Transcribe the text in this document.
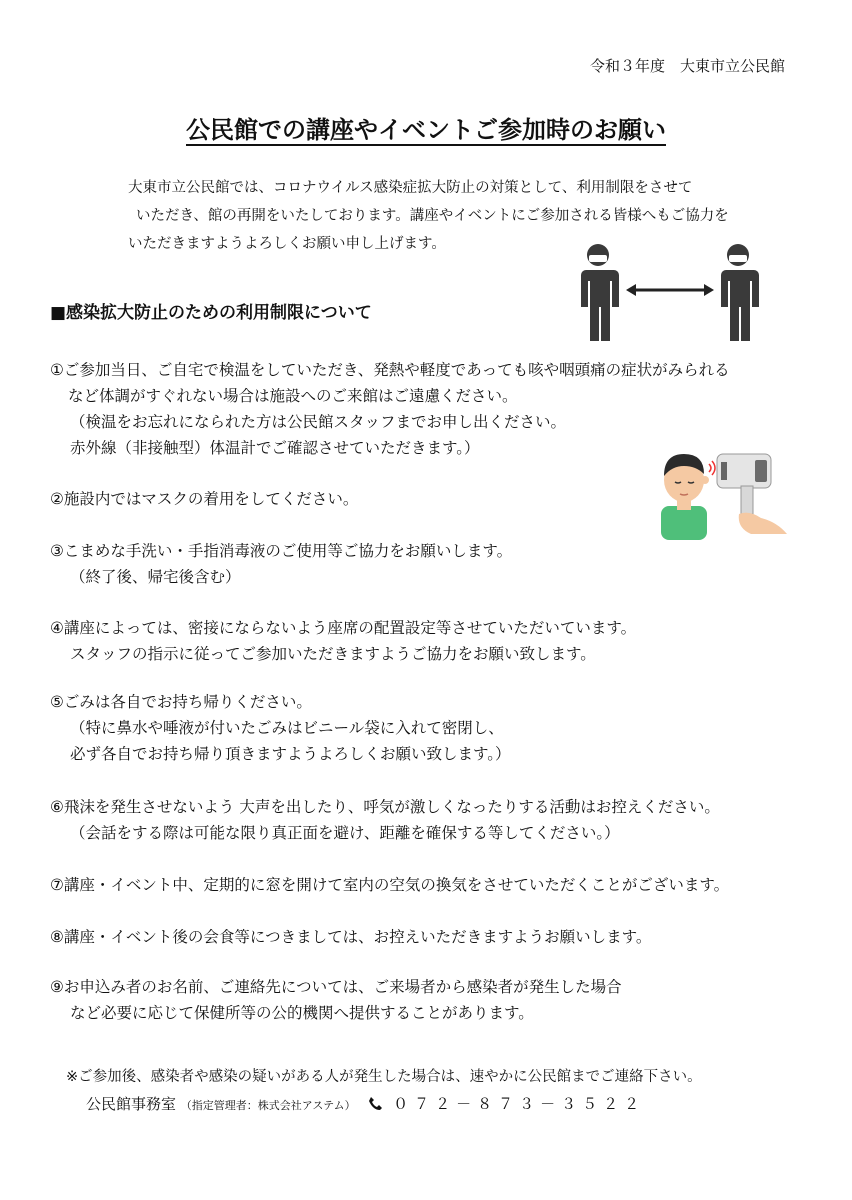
令和３年度　大東市立公民館
公民館での講座やイベントご参加時のお願い
大東市立公民館では、コロナウイルス感染症拡大防止の対策として、利用制限をさせて
いただき、館の再開をいたしております。講座やイベントにご参加される皆様へもご協力を
いただきますようよろしくお願い申し上げます。
■感染拡大防止のための利用制限について
①ご参加当日、ご自宅で検温をしていただき、発熱や軽度であっても咳や咽頭痛の症状がみられる
など体調がすぐれない場合は施設へのご来館はご遠慮ください。
（検温をお忘れになられた方は公民館スタッフまでお申し出ください。
赤外線（非接触型）体温計でご確認させていただきます。）
②施設内ではマスクの着用をしてください。
③こまめな手洗い・手指消毒液のご使用等ご協力をお願いします。
（終了後、帰宅後含む）
④講座によっては、密接にならないよう座席の配置設定等させていただいています。
スタッフの指示に従ってご参加いただきますようご協力をお願い致します。
⑤ごみは各自でお持ち帰りください。
（特に鼻水や唾液が付いたごみはビニール袋に入れて密閉し、
必ず各自でお持ち帰り頂きますようよろしくお願い致します。）
⑥飛沫を発生させないよう 大声を出したり、呼気が激しくなったりする活動はお控えください。
（会話をする際は可能な限り真正面を避け、距離を確保する等してください。）
⑦講座・イベント中、定期的に窓を開けて室内の空気の換気をさせていただくことがございます。
⑧講座・イベント後の会食等につきましては、お控えいただきますようお願いします。
⑨お申込み者のお名前、ご連絡先については、ご来場者から感染者が発生した場合
など必要に応じて保健所等の公的機関へ提供することがあります。
※ご参加後、感染者や感染の疑いがある人が発生した場合は、速やかに公民館までご連絡下さい。
公民館事務室 （指定管理者：株式会社アステム）	０７２－８７３－３５２２
